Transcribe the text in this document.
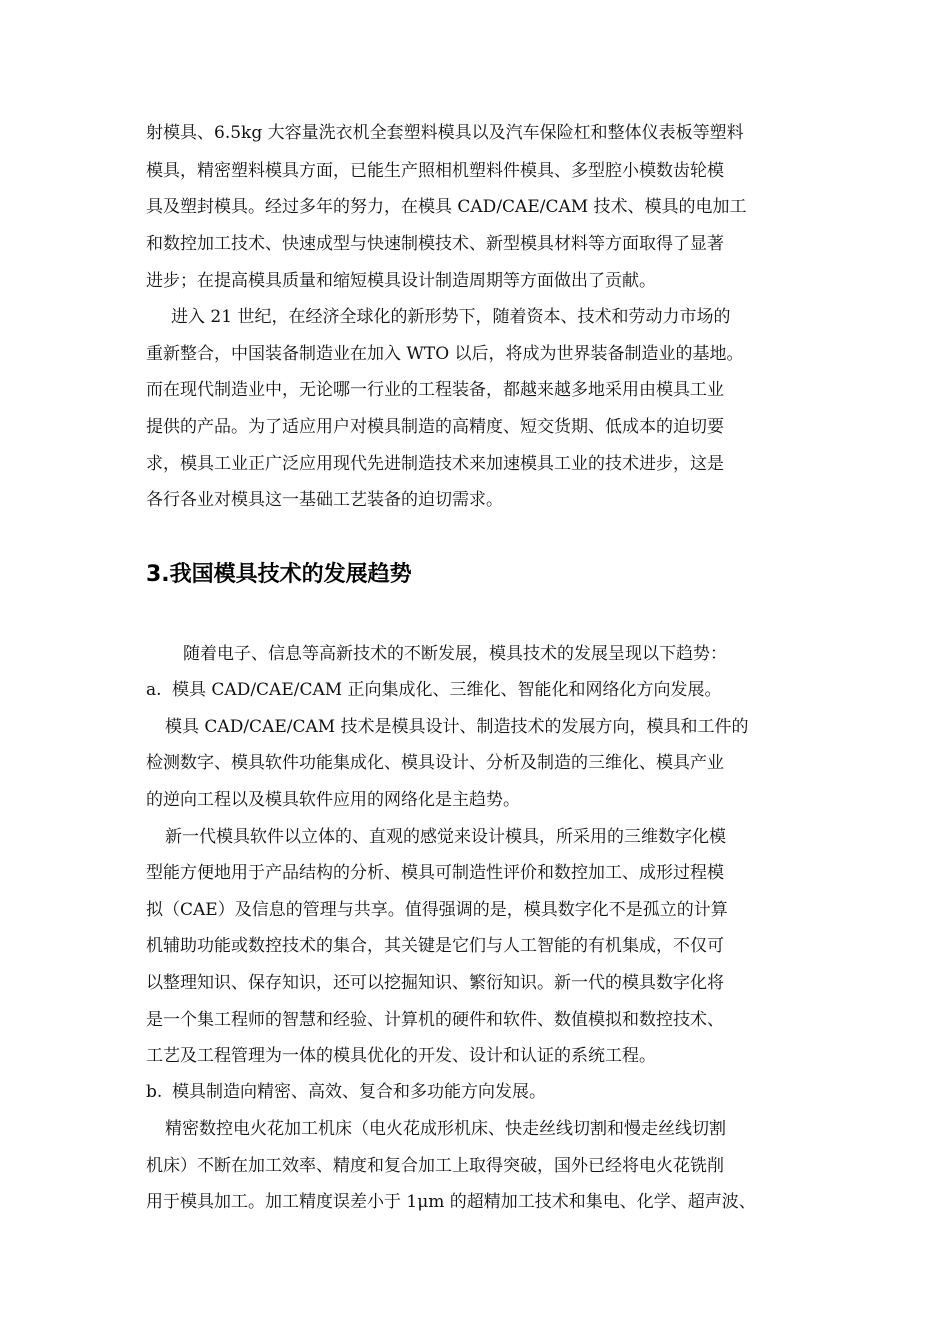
射模具、6.5kg 大容量洗衣机全套塑料模具以及汽车保险杠和整体仪表板等塑料
模具，精密塑料模具方面，已能生产照相机塑料件模具、多型腔小模数齿轮模
具及塑封模具。经过多年的努力，在模具 CAD/CAE/CAM 技术、模具的电加工
和数控加工技术、快速成型与快速制模技术、新型模具材料等方面取得了显著
进步；在提高模具质量和缩短模具设计制造周期等方面做出了贡献。
进入 21 世纪，在经济全球化的新形势下，随着资本、技术和劳动力市场的
重新整合，中国装备制造业在加入 WTO 以后，将成为世界装备制造业的基地。
而在现代制造业中，无论哪一行业的工程装备，都越来越多地采用由模具工业
提供的产品。为了适应用户对模具制造的高精度、短交货期、低成本的迫切要
求，模具工业正广泛应用现代先进制造技术来加速模具工业的技术进步，这是
各行各业对模具这一基础工艺装备的迫切需求。
3.我国模具技术的发展趋势
随着电子、信息等高新技术的不断发展，模具技术的发展呈现以下趋势：
a. 模具 CAD/CAE/CAM 正向集成化、三维化、智能化和网络化方向发展。
模具 CAD/CAE/CAM 技术是模具设计、制造技术的发展方向，模具和工件的
检测数字、模具软件功能集成化、模具设计、分析及制造的三维化、模具产业
的逆向工程以及模具软件应用的网络化是主趋势。
新一代模具软件以立体的、直观的感觉来设计模具，所采用的三维数字化模
型能方便地用于产品结构的分析、模具可制造性评价和数控加工、成形过程模
拟（CAE）及信息的管理与共享。值得强调的是，模具数字化不是孤立的计算
机辅助功能或数控技术的集合，其关键是它们与人工智能的有机集成，不仅可
以整理知识、保存知识，还可以挖掘知识、繁衍知识。新一代的模具数字化将
是一个集工程师的智慧和经验、计算机的硬件和软件、数值模拟和数控技术、
工艺及工程管理为一体的模具优化的开发、设计和认证的系统工程。
b. 模具制造向精密、高效、复合和多功能方向发展。
精密数控电火花加工机床（电火花成形机床、快走丝线切割和慢走丝线切割
机床）不断在加工效率、精度和复合加工上取得突破，国外已经将电火花铣削
用于模具加工。加工精度误差小于 1μm 的超精加工技术和集电、化学、超声波、
